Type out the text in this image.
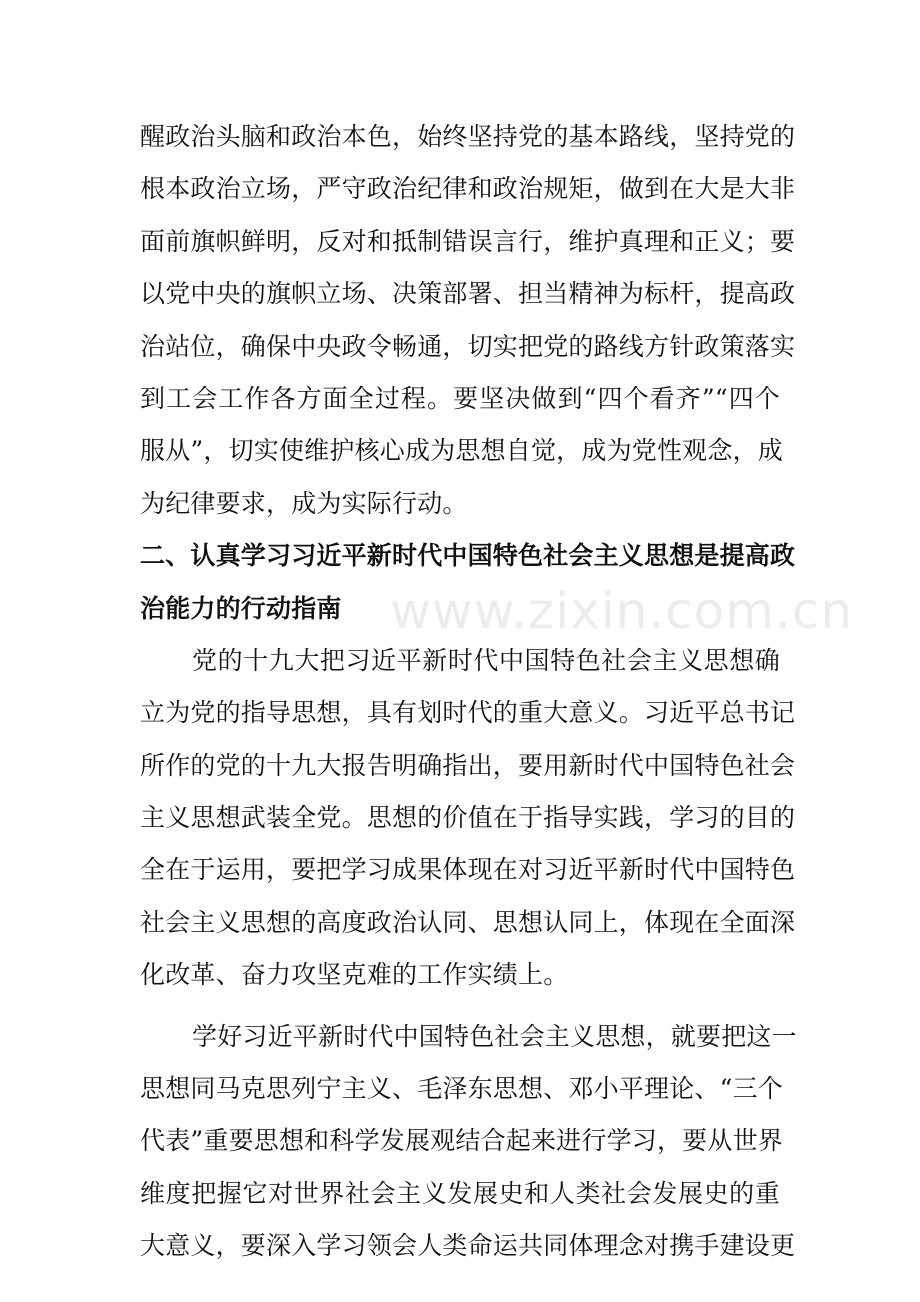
醒政治头脑和政治本色，始终坚持党的基本路线，坚持党的
根本政治立场，严守政治纪律和政治规矩，做到在大是大非
面前旗帜鲜明，反对和抵制错误言行，维护真理和正义；要
以党中央的旗帜立场、决策部署、担当精神为标杆，提高政
治站位，确保中央政令畅通，切实把党的路线方针政策落实
到工会工作各方面全过程。要坚决做到“四个看齐”“四个
服从”，切实使维护核心成为思想自觉，成为党性观念，成
为纪律要求，成为实际行动。
二、认真学习习近平新时代中国特色社会主义思想是提高政
治能力的行动指南
党的十九大把习近平新时代中国特色社会主义思想确
立为党的指导思想，具有划时代的重大意义。习近平总书记
所作的党的十九大报告明确指出，要用新时代中国特色社会
主义思想武装全党。思想的价值在于指导实践，学习的目的
全在于运用，要把学习成果体现在对习近平新时代中国特色
社会主义思想的高度政治认同、思想认同上，体现在全面深
化改革、奋力攻坚克难的工作实绩上。
学好习近平新时代中国特色社会主义思想，就要把这一
思想同马克思列宁主义、毛泽东思想、邓小平理论、“三个
代表”重要思想和科学发展观结合起来进行学习，要从世界
维度把握它对世界社会主义发展史和人类社会发展史的重
大意义，要深入学习领会人类命运共同体理念对携手建设更
www.zixin.com.cn
